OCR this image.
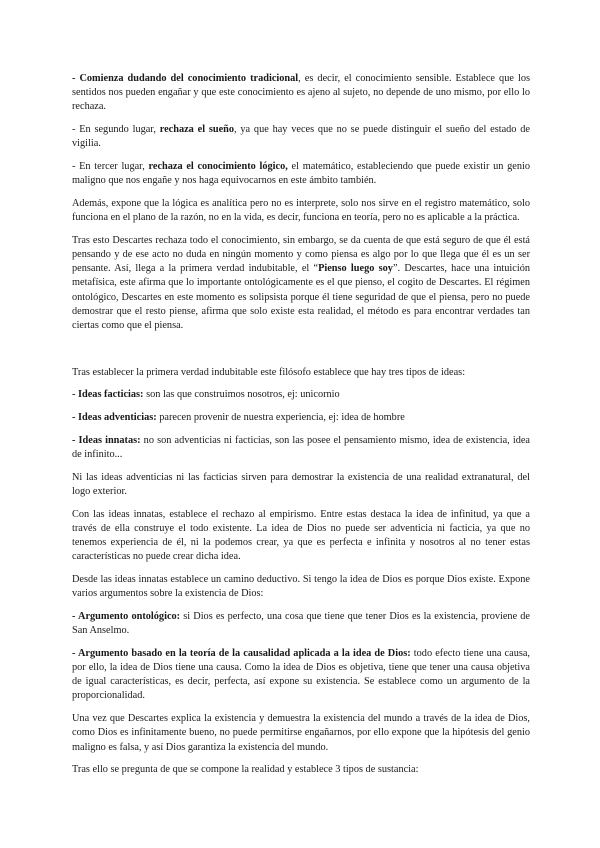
- Comienza dudando del conocimiento tradicional, es decir, el conocimiento sensible. Establece que los sentidos nos pueden engañar y que este conocimiento es ajeno al sujeto, no depende de uno mismo, por ello lo rechaza.

- En segundo lugar, rechaza el sueño, ya que hay veces que no se puede distinguir el sueño del estado de vigilia.

- En tercer lugar, rechaza el conocimiento lógico, el matemático, estableciendo que puede existir un genio maligno que nos engañe y nos haga equivocarnos en este ámbito también.

Además, expone que la lógica es analítica pero no es interprete, solo nos sirve en el registro matemático, solo funciona en el plano de la razón, no en la vida, es decir, funciona en teoría, pero no es aplicable a la práctica.

Tras esto Descartes rechaza todo el conocimiento, sin embargo, se da cuenta de que está seguro de que él está pensando y de ese acto no duda en ningún momento y como piensa es algo por lo que llega que él es un ser pensante. Así, llega a la primera verdad indubitable, el “Pienso luego soy”. Descartes, hace una intuición metafísica, este afirma que lo importante ontológicamente es el que pienso, el cogito de Descartes. El régimen ontológico, Descartes en este momento es solipsista porque él tiene seguridad de que el piensa, pero no puede demostrar que el resto piense, afirma que solo existe esta realidad, el método es para encontrar verdades tan ciertas como que el piensa.

Tras establecer la primera verdad indubitable este filósofo establece que hay tres tipos de ideas:

- Ideas facticias: son las que construimos nosotros, ej: unicornio

- Ideas adventicias: parecen provenir de nuestra experiencia, ej: idea de hombre

- Ideas innatas: no son adventicias ni facticias, son las posee el pensamiento mismo, idea de existencia, idea de infinito...

Ni las ideas adventicias ni las facticias sirven para demostrar la existencia de una realidad extranatural, del logo exterior.

Con las ideas innatas, establece el rechazo al empirismo. Entre estas destaca la idea de infinitud, ya que a través de ella construye el todo existente. La idea de Dios no puede ser adventicia ni facticia, ya que no tenemos experiencia de él, ni la podemos crear, ya que es perfecta e infinita y nosotros al no tener estas características no puede crear dicha idea.

Desde las ideas innatas establece un camino deductivo. Si tengo la idea de Dios es porque Dios existe. Expone varios argumentos sobre la existencia de Dios:

- Argumento ontológico: si Dios es perfecto, una cosa que tiene que tener Dios es la existencia, proviene de San Anselmo.

- Argumento basado en la teoría de la causalidad aplicada a la idea de Dios: todo efecto tiene una causa, por ello, la idea de Dios tiene una causa. Como la idea de Dios es objetiva, tiene que tener una causa objetiva de igual características, es decir, perfecta, así expone su existencia. Se establece como un argumento de la proporcionalidad.

Una vez que Descartes explica la existencia y demuestra la existencia del mundo a través de la idea de Dios, como Dios es infinitamente bueno, no puede permitirse engañarnos, por ello expone que la hipótesis del genio maligno es falsa, y así Dios garantiza la existencia del mundo.

Tras ello se pregunta de que se compone la realidad y establece 3 tipos de sustancia:
